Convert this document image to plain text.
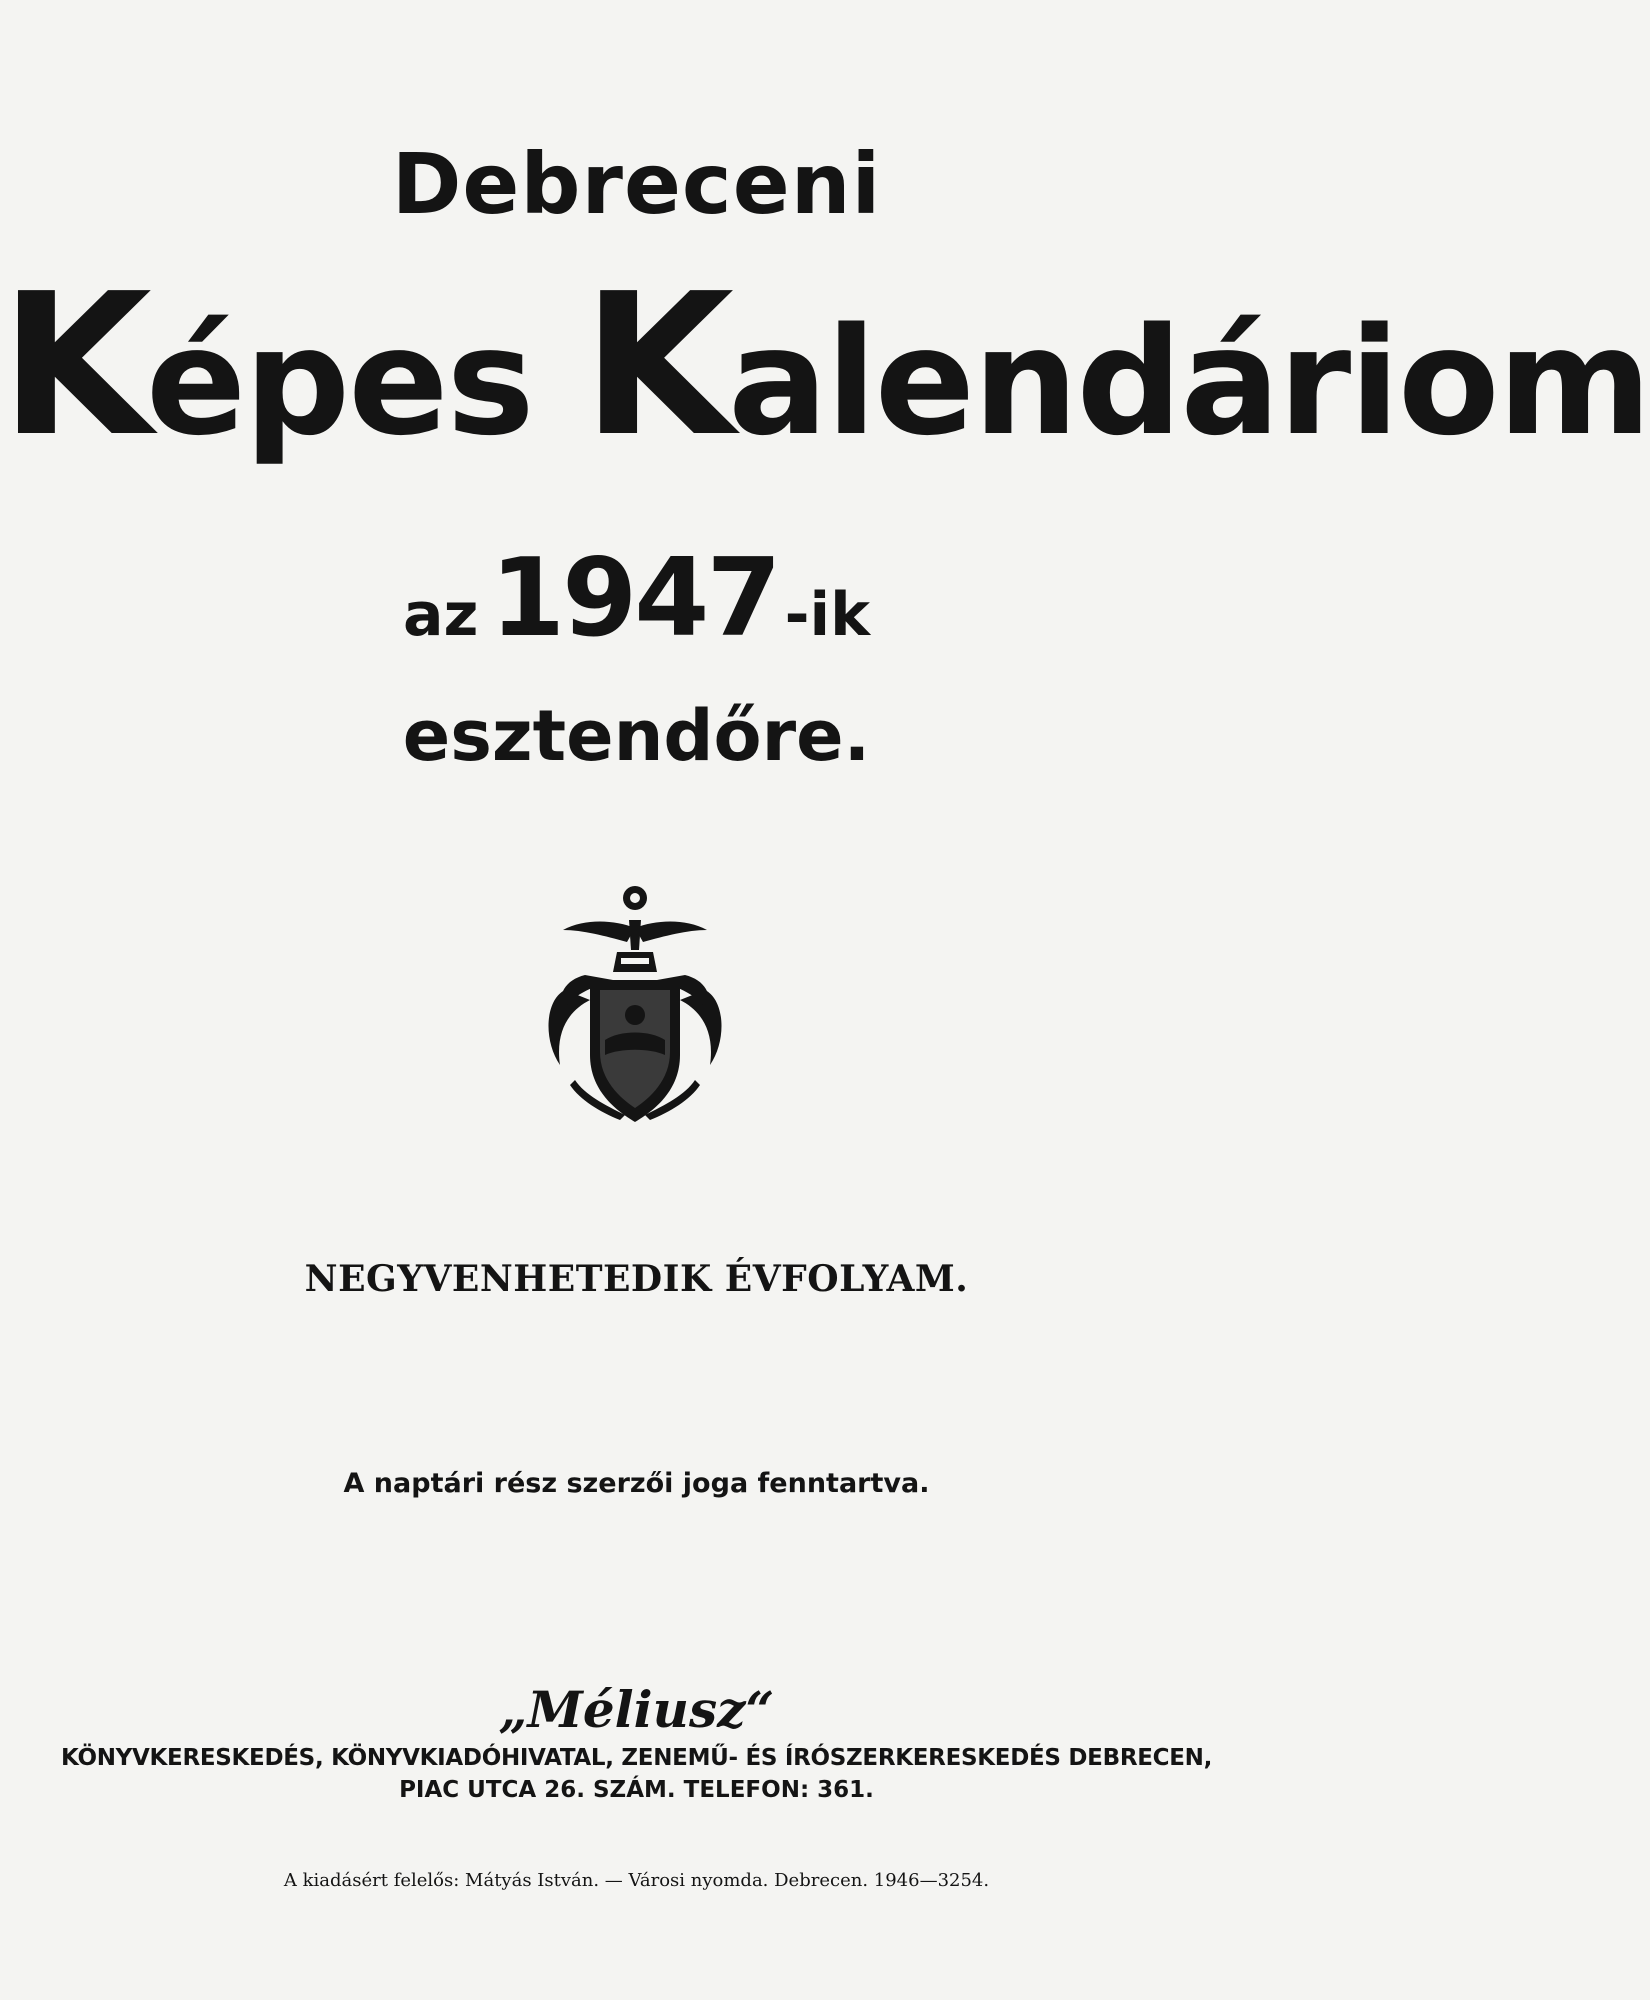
Debreceni
Képes Kalendáriom
az 1947 -ik
esztendőre.
NEGYVENHETEDIK ÉVFOLYAM.
A naptári rész szerzői joga fenntartva.
„Méliusz“
KÖNYVKERESKEDÉS, KÖNYVKIADÓHIVATAL, ZENEMŰ- ÉS ÍRÓSZERKERESKEDÉS DEBRECEN,
PIAC UTCA 26. SZÁM. TELEFON: 361.
A kiadásért felelős: Mátyás István. — Városi nyomda. Debrecen. 1946—3254.
